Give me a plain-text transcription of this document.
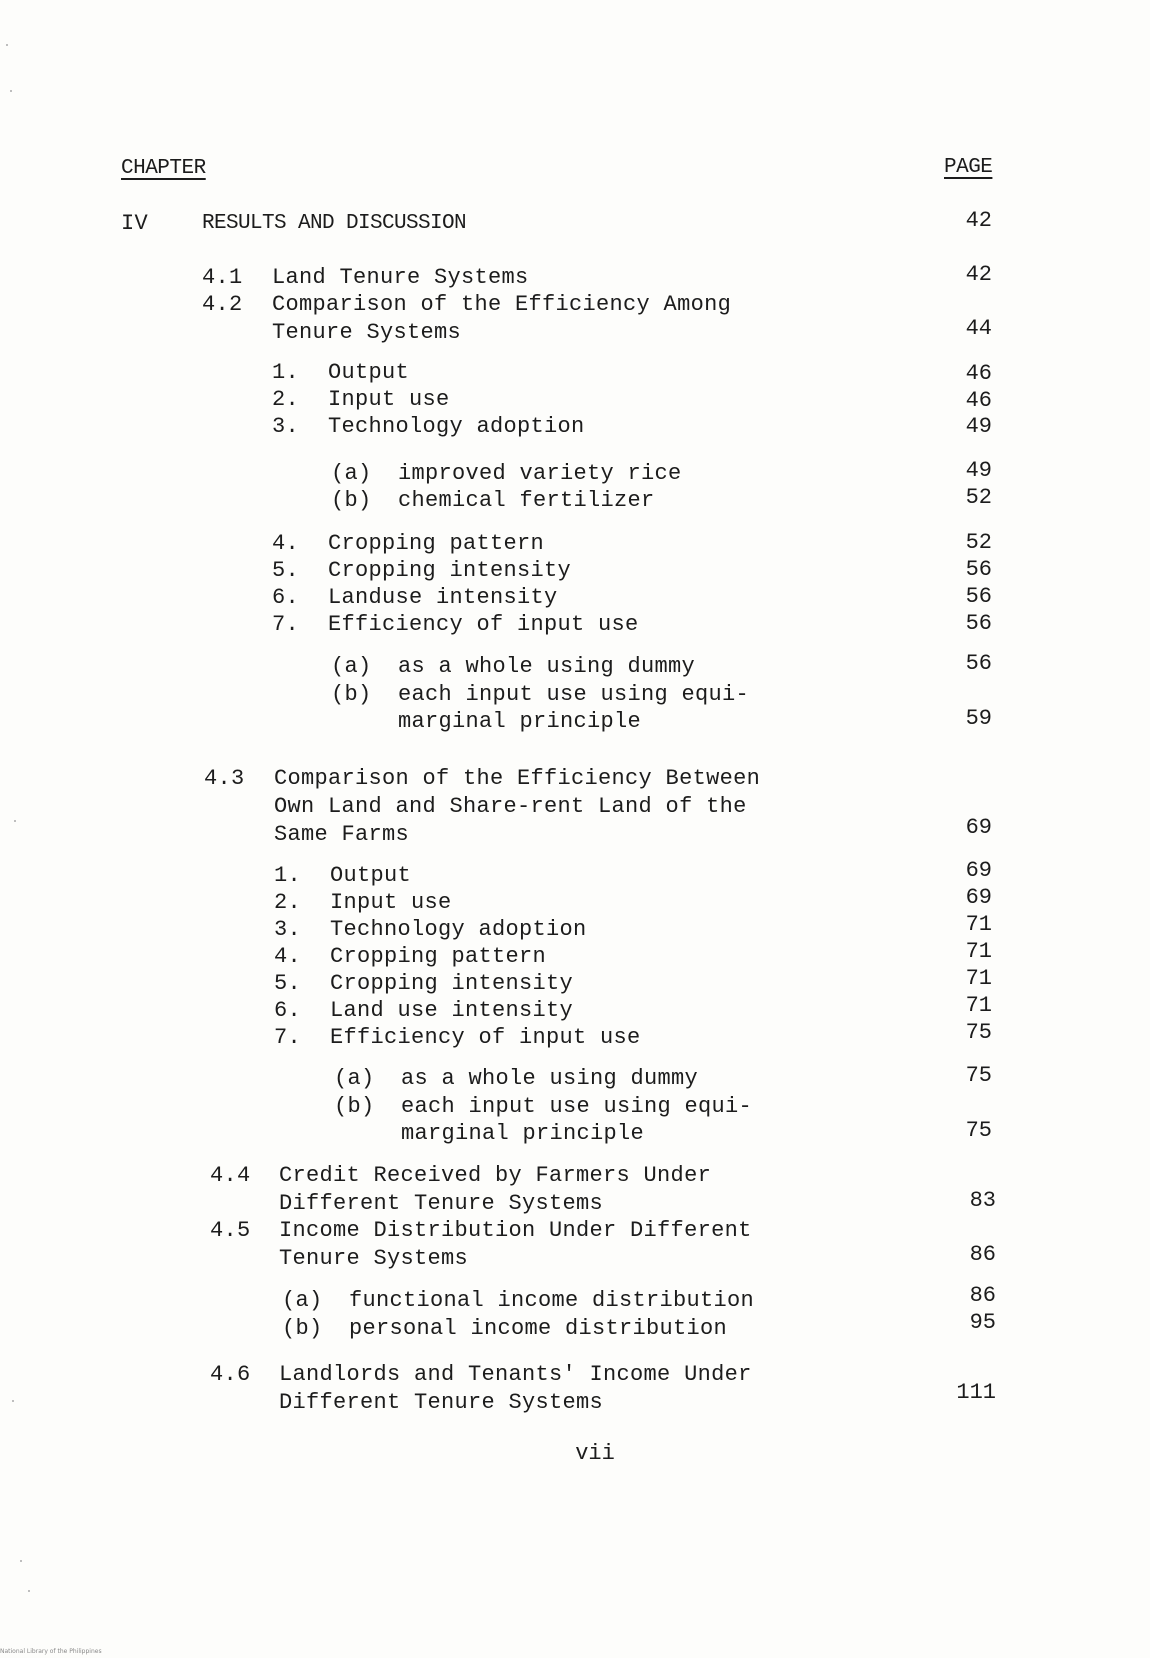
CHAPTER	PAGE
IV	RESULTS AND DISCUSSION	42
4.1 Land Tenure Systems	42
4.2 Comparison of the Efficiency Among
Tenure Systems	44
1. Output	46
2. Input use	46
3. Technology adoption	49
(a) improved variety rice	49
(b) chemical fertilizer	52
4. Cropping pattern	52
5. Cropping intensity	56
6. Landuse intensity	56
7. Efficiency of input use	56
(a) as a whole using dummy	56
(b) each input use using equi-
marginal principle	59
4.3 Comparison of the Efficiency Between
Own Land and Share-rent Land of the
Same Farms	69
1. Output	69
2. Input use	69
3. Technology adoption	71
4. Cropping pattern	71
5. Cropping intensity	71
6. Land use intensity	71
7. Efficiency of input use	75
(a) as a whole using dummy	75
(b) each input use using equi-
marginal principle	75
4.4 Credit Received by Farmers Under
Different Tenure Systems	83
4.5 Income Distribution Under Different
Tenure Systems	86
(a) functional income distribution	86
(b) personal income distribution	95
4.6 Landlords and Tenants' Income Under
Different Tenure Systems	111
vii
National Library of the Philippines
